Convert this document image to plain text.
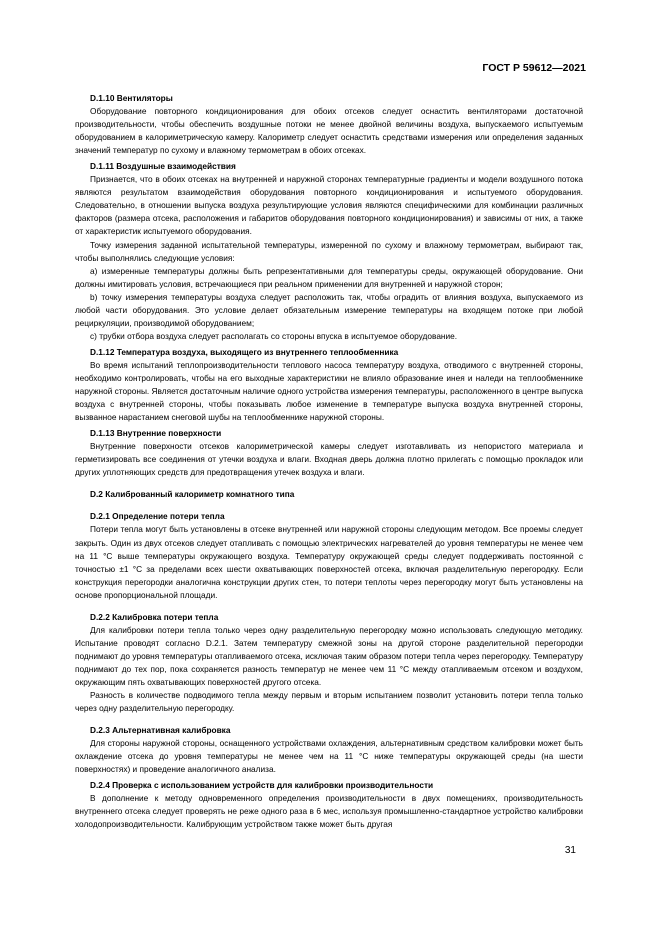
ГОСТ Р 59612—2021

D.1.10 Вентиляторы

Оборудование повторного кондиционирования для обоих отсеков следует оснастить вентиляторами достаточной производительности, чтобы обеспечить воздушные потоки не менее двойной величины воздуха, выпускаемого испытуемым оборудованием в калориметрическую камеру. Калориметр следует оснастить средствами измерения или определения заданных значений температур по сухому и влажному термометрам в обоих отсеках.

D.1.11 Воздушные взаимодействия

Признается, что в обоих отсеках на внутренней и наружной сторонах температурные градиенты и модели воздушного потока являются результатом взаимодействия оборудования повторного кондиционирования и испытуемого оборудования. Следовательно, в отношении выпуска воздуха результирующие условия являются специфическими для комбинации различных факторов (размера отсека, расположения и габаритов оборудования повторного кондиционирования) и зависимы от них, а также от характеристик испытуемого оборудования.

Точку измерения заданной испытательной температуры, измеренной по сухому и влажному термометрам, выбирают так, чтобы выполнялись следующие условия:

a) измеренные температуры должны быть репрезентативными для температуры среды, окружающей оборудование. Они должны имитировать условия, встречающиеся при реальном применении для внутренней и наружной сторон;

b) точку измерения температуры воздуха следует расположить так, чтобы оградить от влияния воздуха, выпускаемого из любой части оборудования. Это условие делает обязательным измерение температуры на входящем потоке при любой рециркуляции, производимой оборудованием;

c) трубки отбора воздуха следует располагать со стороны впуска в испытуемое оборудование.

D.1.12 Температура воздуха, выходящего из внутреннего теплообменника

Во время испытаний теплопроизводительности теплового насоса температуру воздуха, отводимого с внутренней стороны, необходимо контролировать, чтобы на его выходные характеристики не влияло образование инея и наледи на теплообменнике наружной стороны. Является достаточным наличие одного устройства измерения температуры, расположенного в центре выпуска воздуха с внутренней стороны, чтобы показывать любое изменение в температуре выпуска воздуха внутренней стороны, вызванное нарастанием снеговой шубы на теплообменнике наружной стороны.

D.1.13 Внутренние поверхности

Внутренние поверхности отсеков калориметрической камеры следует изготавливать из непористого материала и герметизировать все соединения от утечки воздуха и влаги. Входная дверь должна плотно прилегать с помощью прокладок или других уплотняющих средств для предотвращения утечек воздуха и влаги.

D.2 Калиброванный калориметр комнатного типа

D.2.1 Определение потери тепла

Потери тепла могут быть установлены в отсеке внутренней или наружной стороны следующим методом. Все проемы следует закрыть. Один из двух отсеков следует отапливать с помощью электрических нагревателей до уровня температуры не менее чем на 11 °С выше температуры окружающего воздуха. Температуру окружающей среды следует поддерживать постоянной с точностью ±1 °С за пределами всех шести охватывающих поверхностей отсека, включая разделительную перегородку. Если конструкция перегородки аналогична конструкции других стен, то потери теплоты через перегородку могут быть установлены на основе пропорциональной площади.

D.2.2 Калибровка потери тепла

Для калибровки потери тепла только через одну разделительную перегородку можно использовать следующую методику. Испытание проводят согласно D.2.1. Затем температуру смежной зоны на другой стороне разделительной перегородки поднимают до уровня температуры отапливаемого отсека, исключая таким образом потери тепла через перегородку. Температуру поднимают до тех пор, пока сохраняется разность температур не менее чем 11 °С между отапливаемым отсеком и воздухом, окружающим пять охватывающих поверхностей другого отсека.

Разность в количестве подводимого тепла между первым и вторым испытанием позволит установить потери тепла только через одну разделительную перегородку.

D.2.3 Альтернативная калибровка

Для стороны наружной стороны, оснащенного устройствами охлаждения, альтернативным средством калибровки может быть охлаждение отсека до уровня температуры не менее чем на 11 °С ниже температуры окружающей среды (на шести поверхностях) и проведение аналогичного анализа.

D.2.4 Проверка с использованием устройств для калибровки производительности

В дополнение к методу одновременного определения производительности в двух помещениях, производительность внутреннего отсека следует проверять не реже одного раза в 6 мес, используя промышленно-стандартное устройство калибровки холодопроизводительности. Калибрующим устройством также может быть другая

31
